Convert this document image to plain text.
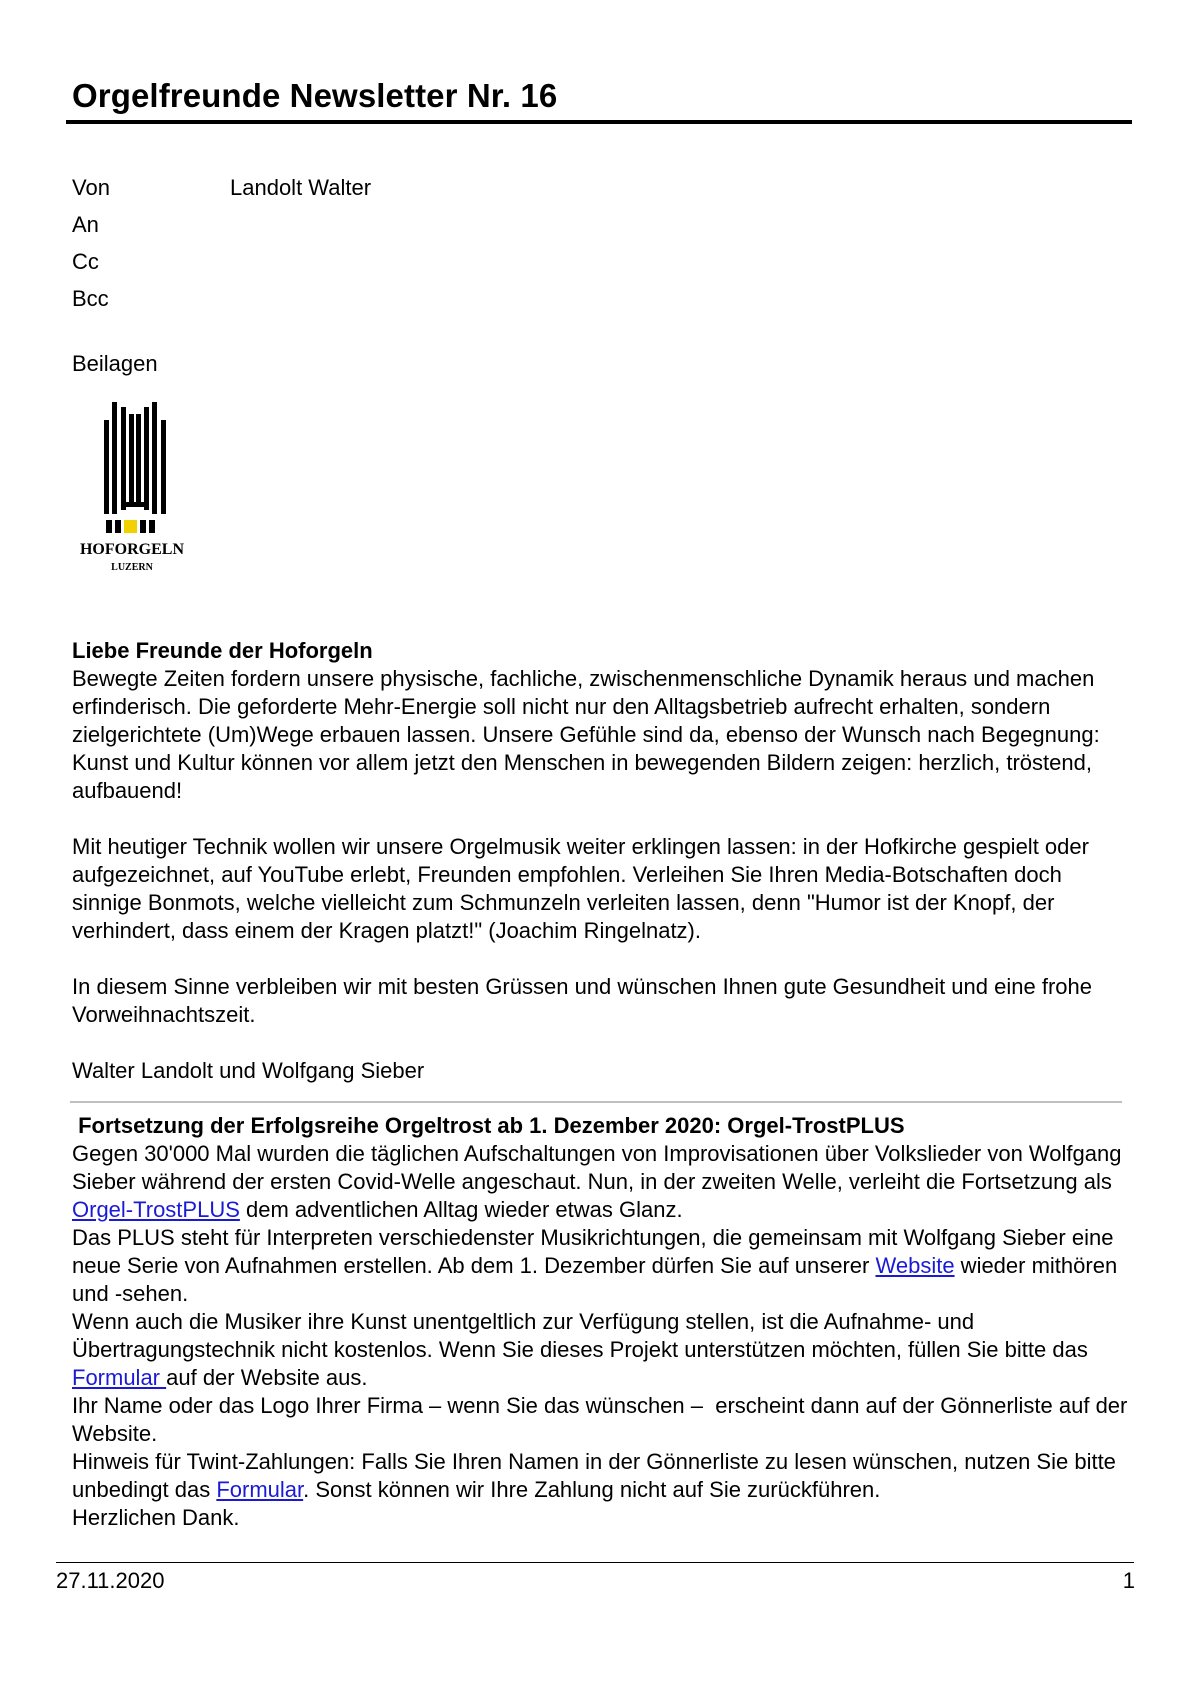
Orgelfreunde Newsletter Nr. 16
Von	Landolt Walter
An
Cc
Bcc
Beilagen
HOFORGELN
LUZERN

Liebe Freunde der Hoforgeln

Bewegte Zeiten fordern unsere physische, fachliche, zwischenmenschliche Dynamik heraus und machen erfinderisch. Die geforderte Mehr-Energie soll nicht nur den Alltagsbetrieb aufrecht erhalten, sondern zielgerichtete (Um)Wege erbauen lassen. Unsere Gefühle sind da, ebenso der Wunsch nach Begegnung: Kunst und Kultur können vor allem jetzt den Menschen in bewegenden Bildern zeigen: herzlich, tröstend, aufbauend!

Mit heutiger Technik wollen wir unsere Orgelmusik weiter erklingen lassen: in der Hofkirche gespielt oder aufgezeichnet, auf YouTube erlebt, Freunden empfohlen. Verleihen Sie Ihren Media-Botschaften doch sinnige Bonmots, welche vielleicht zum Schmunzeln verleiten lassen, denn "Humor ist der Knopf, der verhindert, dass einem der Kragen platzt!" (Joachim Ringelnatz).

In diesem Sinne verbleiben wir mit besten Grüssen und wünschen Ihnen gute Gesundheit und eine frohe Vorweihnachtszeit.

Walter Landolt und Wolfgang Sieber

Fortsetzung der Erfolgsreihe Orgeltrost ab 1. Dezember 2020: Orgel-TrostPLUS

Gegen 30'000 Mal wurden die täglichen Aufschaltungen von Improvisationen über Volkslieder von Wolfgang Sieber während der ersten Covid-Welle angeschaut. Nun, in der zweiten Welle, verleiht die Fortsetzung als Orgel-TrostPLUS dem adventlichen Alltag wieder etwas Glanz.

Das PLUS steht für Interpreten verschiedenster Musikrichtungen, die gemeinsam mit Wolfgang Sieber eine neue Serie von Aufnahmen erstellen. Ab dem 1. Dezember dürfen Sie auf unserer Website wieder mithören und -sehen.

Wenn auch die Musiker ihre Kunst unentgeltlich zur Verfügung stellen, ist die Aufnahme- und Übertragungstechnik nicht kostenlos. Wenn Sie dieses Projekt unterstützen möchten, füllen Sie bitte das Formular auf der Website aus.

Ihr Name oder das Logo Ihrer Firma – wenn Sie das wünschen –  erscheint dann auf der Gönnerliste auf der Website.

Hinweis für Twint-Zahlungen: Falls Sie Ihren Namen in der Gönnerliste zu lesen wünschen, nutzen Sie bitte unbedingt das Formular. Sonst können wir Ihre Zahlung nicht auf Sie zurückführen.

Herzlichen Dank.

27.11.2020	1
